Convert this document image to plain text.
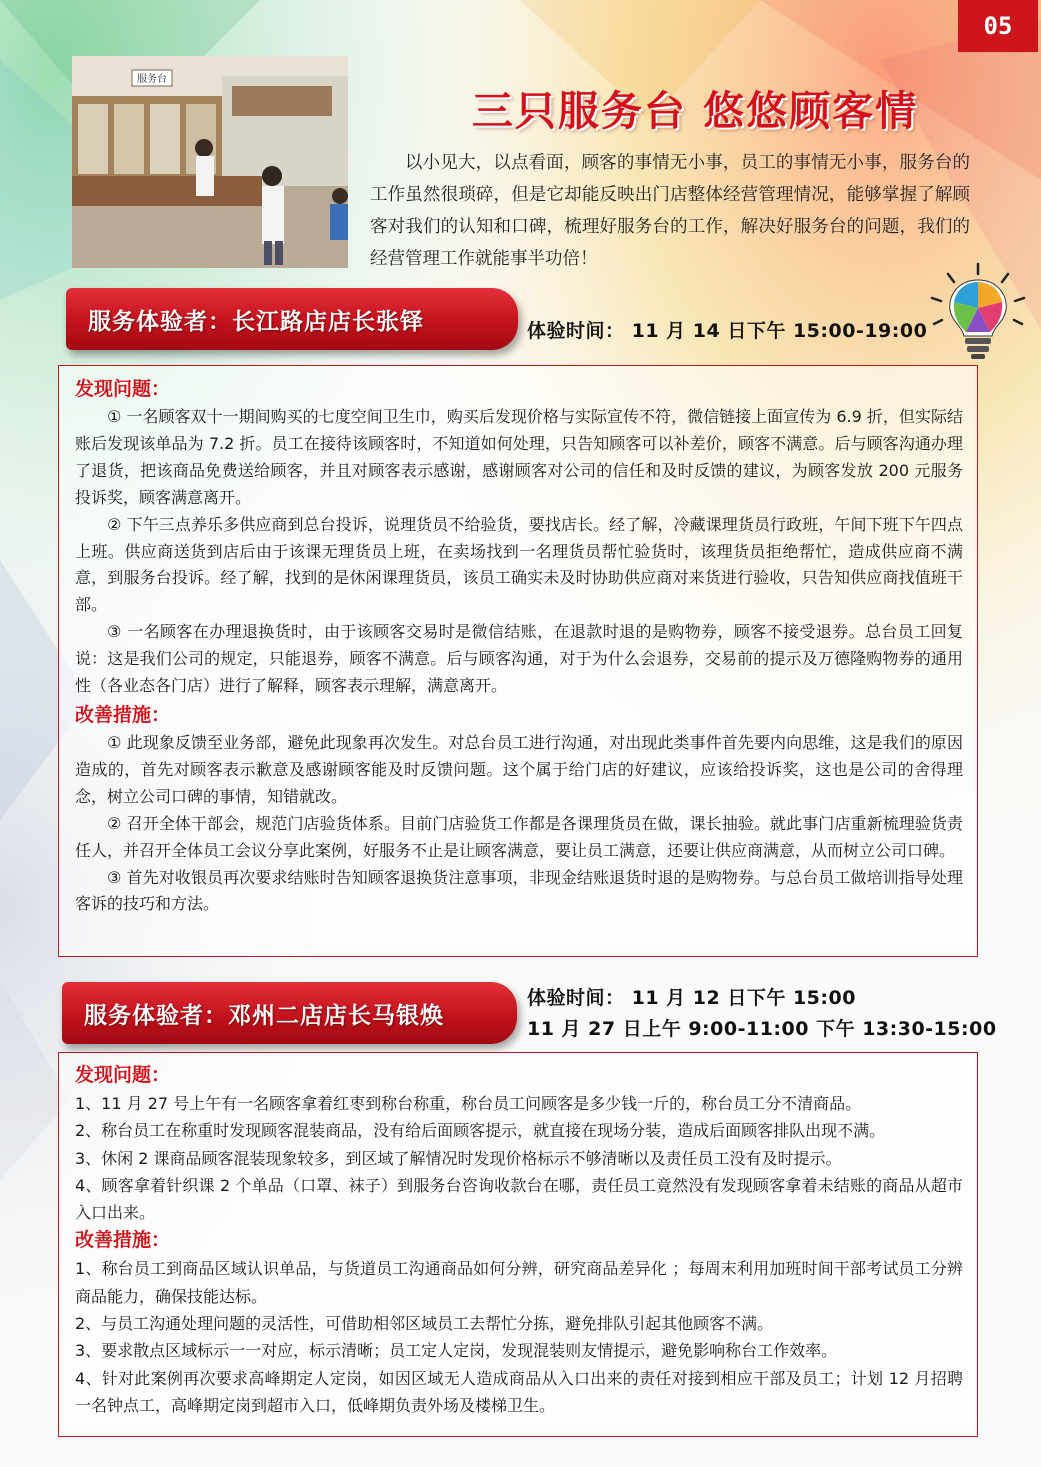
05
服务台
三只服务台 悠悠顾客情
以小见大，以点看面，顾客的事情无小事，员工的事情无小事，服务台的工作虽然很琐碎，但是它却能反映出门店整体经营管理情况，能够掌握了解顾客对我们的认知和口碑，梳理好服务台的工作，解决好服务台的问题，我们的经营管理工作就能事半功倍！
服务体验者：长江路店店长张铎	体验时间： 11 月 14 日下午 15:00-19:00
发现问题：

① 一名顾客双十一期间购买的七度空间卫生巾，购买后发现价格与实际宣传不符，微信链接上面宣传为 6.9 折，但实际结账后发现该单品为 7.2 折。员工在接待该顾客时，不知道如何处理，只告知顾客可以补差价，顾客不满意。后与顾客沟通办理了退货，把该商品免费送给顾客，并且对顾客表示感谢，感谢顾客对公司的信任和及时反馈的建议，为顾客发放 200 元服务投诉奖，顾客满意离开。

② 下午三点养乐多供应商到总台投诉，说理货员不给验货，要找店长。经了解，冷藏课理货员行政班，午间下班下午四点上班。供应商送货到店后由于该课无理货员上班，在卖场找到一名理货员帮忙验货时，该理货员拒绝帮忙，造成供应商不满意，到服务台投诉。经了解，找到的是休闲课理货员，该员工确实未及时协助供应商对来货进行验收，只告知供应商找值班干部。

③ 一名顾客在办理退换货时，由于该顾客交易时是微信结账，在退款时退的是购物券，顾客不接受退券。总台员工回复说：这是我们公司的规定，只能退券，顾客不满意。后与顾客沟通，对于为什么会退券，交易前的提示及万德隆购物券的通用性（各业态各门店）进行了解释，顾客表示理解，满意离开。

改善措施：

① 此现象反馈至业务部，避免此现象再次发生。对总台员工进行沟通，对出现此类事件首先要内向思维，这是我们的原因造成的，首先对顾客表示歉意及感谢顾客能及时反馈问题。这个属于给门店的好建议，应该给投诉奖，这也是公司的舍得理念，树立公司口碑的事情，知错就改。

② 召开全体干部会，规范门店验货体系。目前门店验货工作都是各课理货员在做，课长抽验。就此事门店重新梳理验货责任人，并召开全体员工会议分享此案例，好服务不止是让顾客满意，要让员工满意，还要让供应商满意，从而树立公司口碑。

③ 首先对收银员再次要求结账时告知顾客退换货注意事项，非现金结账退货时退的是购物券。与总台员工做培训指导处理客诉的技巧和方法。

服务体验者：邓州二店店长马银焕
体验时间： 11 月 12 日下午 15:00
11 月 27 日上午 9:00-11:00 下午 13:30-15:00
发现问题：

1、11 月 27 号上午有一名顾客拿着红枣到称台称重，称台员工问顾客是多少钱一斤的，称台员工分不清商品。

2、称台员工在称重时发现顾客混装商品，没有给后面顾客提示，就直接在现场分装，造成后面顾客排队出现不满。

3、休闲 2 课商品顾客混装现象较多，到区域了解情况时发现价格标示不够清晰以及责任员工没有及时提示。

4、顾客拿着针织课 2 个单品（口罩、袜子）到服务台咨询收款台在哪，责任员工竟然没有发现顾客拿着未结账的商品从超市入口出来。

改善措施：

1、称台员工到商品区域认识单品，与货道员工沟通商品如何分辨，研究商品差异化 ；每周末利用加班时间干部考试员工分辨商品能力，确保技能达标。

2、与员工沟通处理问题的灵活性，可借助相邻区域员工去帮忙分拣，避免排队引起其他顾客不满。

3、要求散点区域标示一一对应，标示清晰；员工定人定岗，发现混装则友情提示，避免影响称台工作效率。

4、针对此案例再次要求高峰期定人定岗，如因区域无人造成商品从入口出来的责任对接到相应干部及员工；计划 12 月招聘一名钟点工，高峰期定岗到超市入口，低峰期负责外场及楼梯卫生。
